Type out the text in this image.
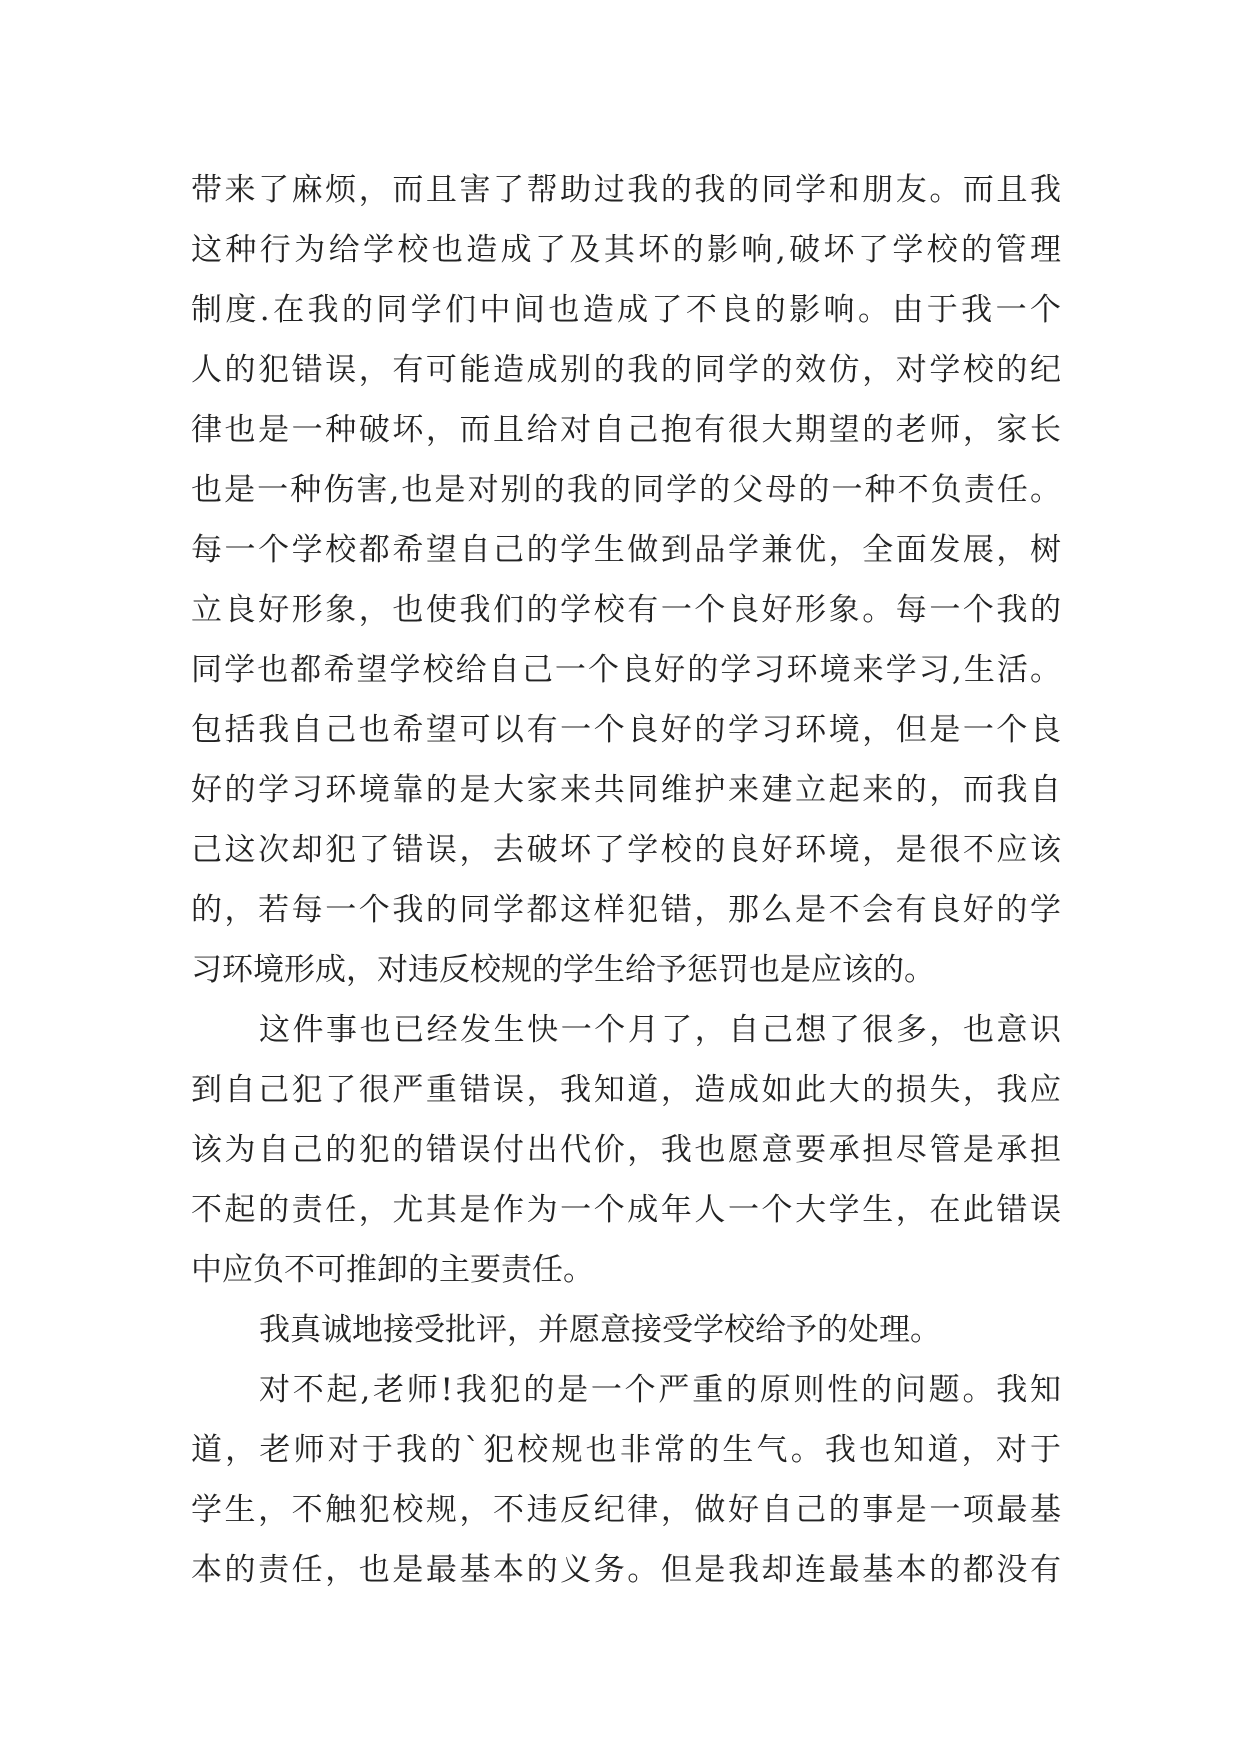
带来了麻烦，而且害了帮助过我的我的同学和朋友。而且我
这种行为给学校也造成了及其坏的影响,破坏了学校的管理
制度.在我的同学们中间也造成了不良的影响。由于我一个
人的犯错误，有可能造成别的我的同学的效仿，对学校的纪
律也是一种破坏，而且给对自己抱有很大期望的老师，家长
也是一种伤害,也是对别的我的同学的父母的一种不负责任。
每一个学校都希望自己的学生做到品学兼优，全面发展，树
立良好形象，也使我们的学校有一个良好形象。每一个我的
同学也都希望学校给自己一个良好的学习环境来学习,生活。
包括我自己也希望可以有一个良好的学习环境，但是一个良
好的学习环境靠的是大家来共同维护来建立起来的，而我自
己这次却犯了错误，去破坏了学校的良好环境，是很不应该
的，若每一个我的同学都这样犯错，那么是不会有良好的学
习环境形成，对违反校规的学生给予惩罚也是应该的。
这件事也已经发生快一个月了，自己想了很多，也意识
到自己犯了很严重错误，我知道，造成如此大的损失，我应
该为自己的犯的错误付出代价，我也愿意要承担尽管是承担
不起的责任，尤其是作为一个成年人一个大学生，在此错误
中应负不可推卸的主要责任。
我真诚地接受批评，并愿意接受学校给予的处理。
对不起,老师!我犯的是一个严重的原则性的问题。我知
道，老师对于我的`犯校规也非常的生气。我也知道，对于
学生，不触犯校规，不违反纪律，做好自己的事是一项最基
本的责任，也是最基本的义务。但是我却连最基本的都没有
